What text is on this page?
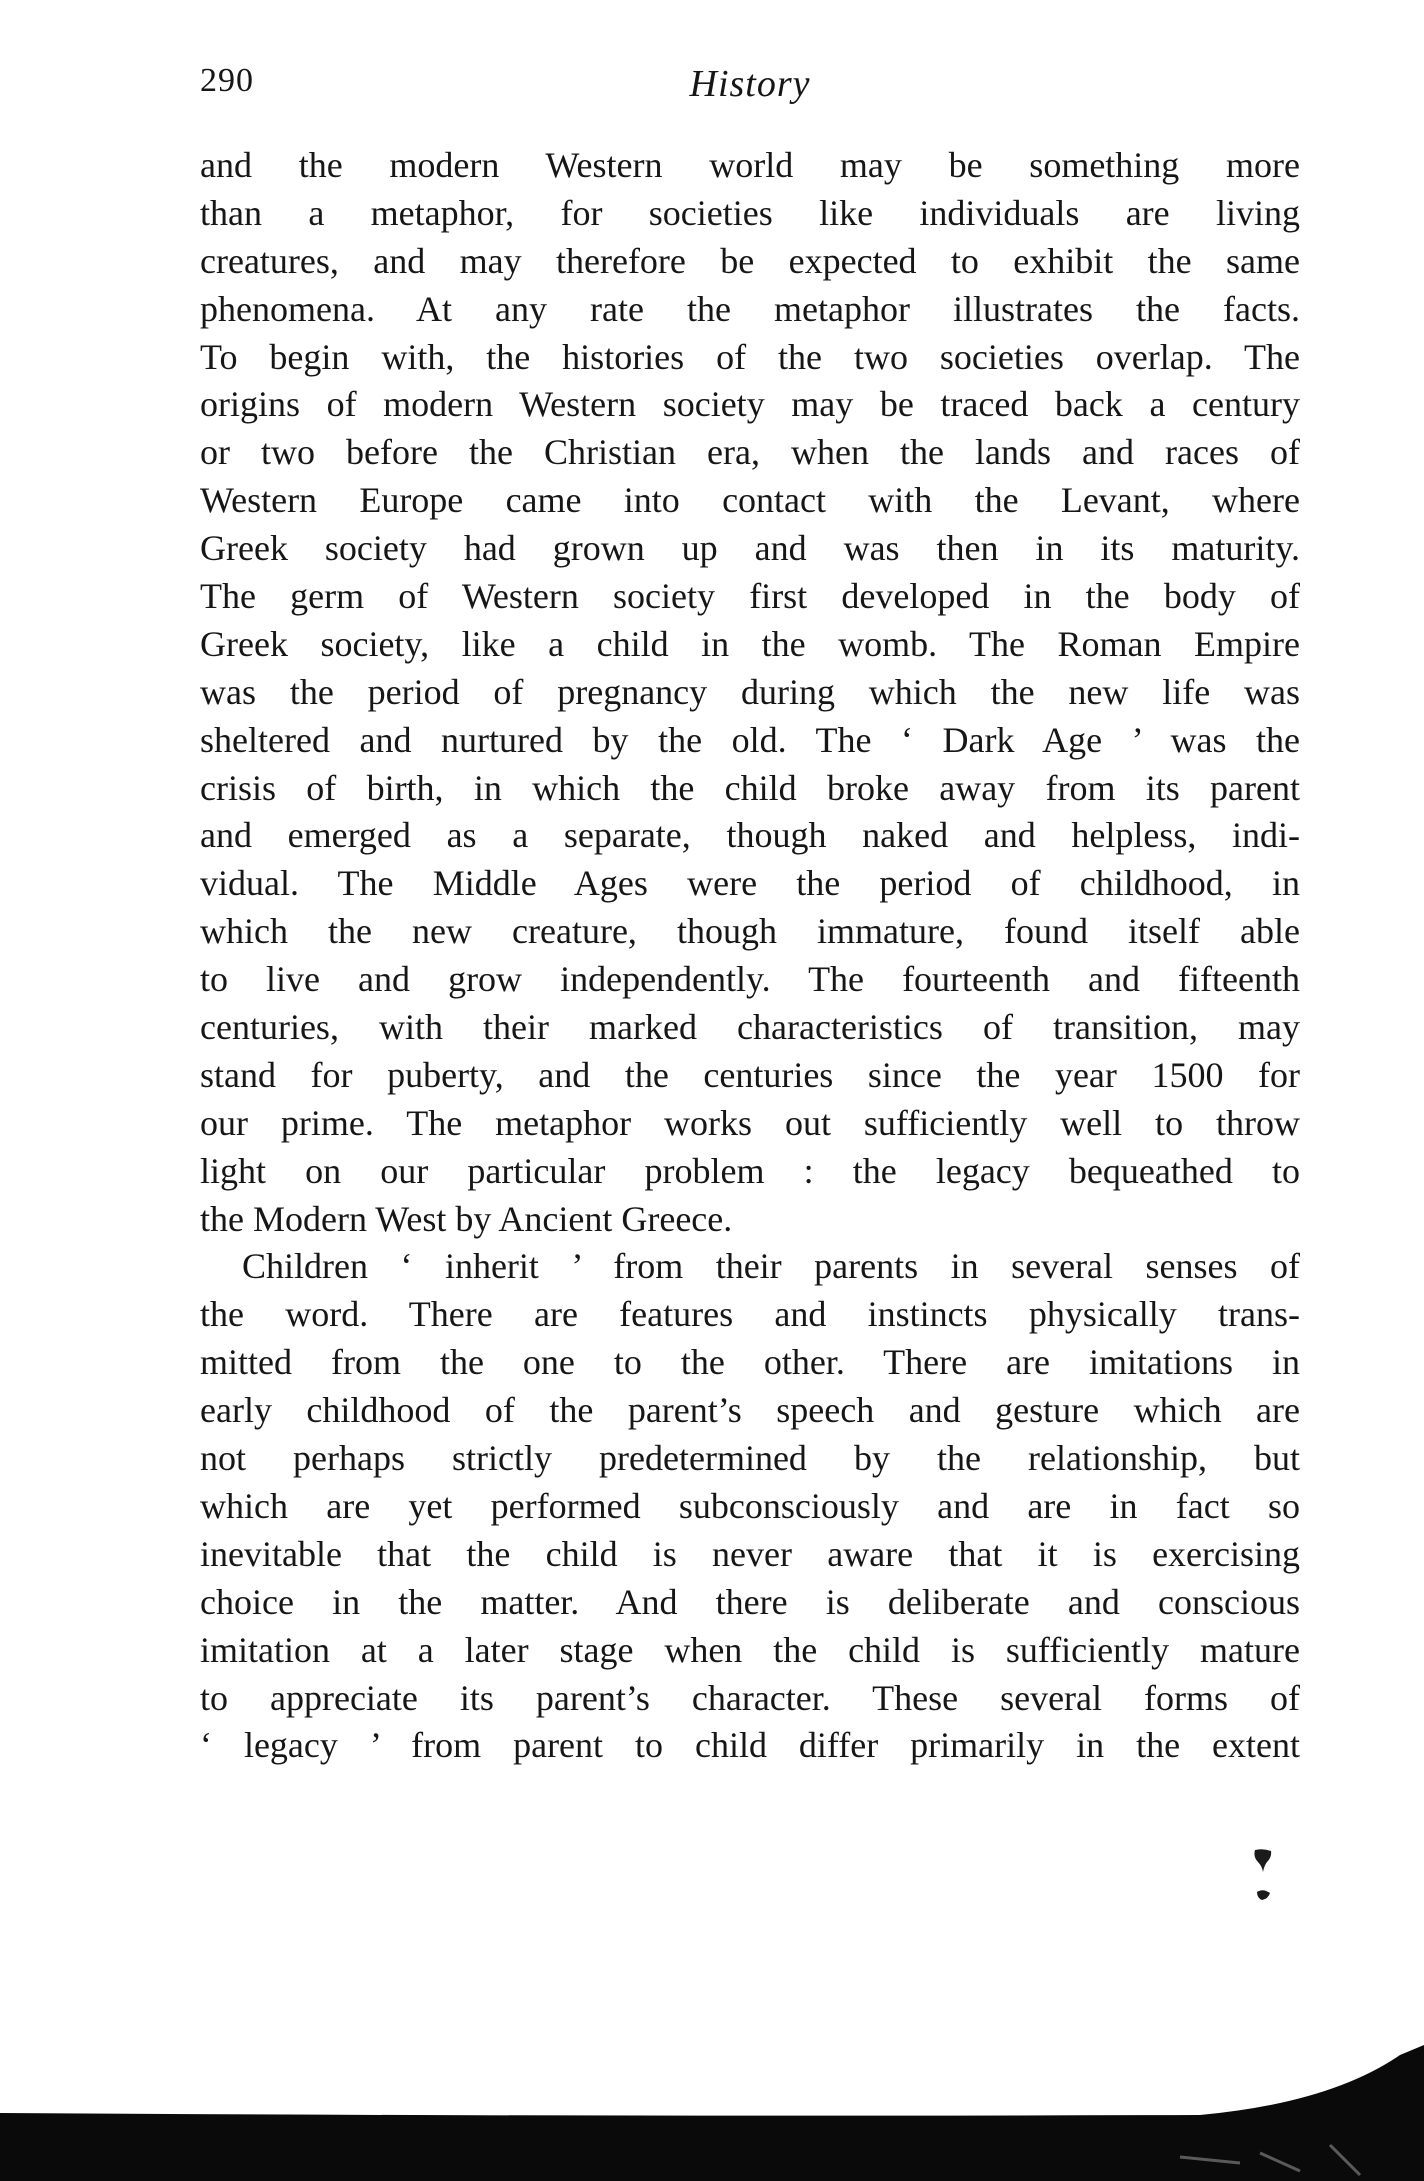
290	History
and the modern Western world may be something more
than a metaphor, for societies like individuals are living
creatures, and may therefore be expected to exhibit the same
phenomena. At any rate the metaphor illustrates the facts.
To begin with, the histories of the two societies overlap. The
origins of modern Western society may be traced back a century
or two before the Christian era, when the lands and races of
Western Europe came into contact with the Levant, where
Greek society had grown up and was then in its maturity.
The germ of Western society first developed in the body of
Greek society, like a child in the womb. The Roman Empire
was the period of pregnancy during which the new life was
sheltered and nurtured by the old. The ‘ Dark Age ’ was the
crisis of birth, in which the child broke away from its parent
and emerged as a separate, though naked and helpless, indi-
vidual. The Middle Ages were the period of childhood, in
which the new creature, though immature, found itself able
to live and grow independently. The fourteenth and fifteenth
centuries, with their marked characteristics of transition, may
stand for puberty, and the centuries since the year 1500 for
our prime. The metaphor works out sufficiently well to throw
light on our particular problem : the legacy bequeathed to
the Modern West by Ancient Greece.
Children ‘ inherit ’ from their parents in several senses of
the word. There are features and instincts physically trans-
mitted from the one to the other. There are imitations in
early childhood of the parent’s speech and gesture which are
not perhaps strictly predetermined by the relationship, but
which are yet performed subconsciously and are in fact so
inevitable that the child is never aware that it is exercising
choice in the matter. And there is deliberate and conscious
imitation at a later stage when the child is sufficiently mature
to appreciate its parent’s character. These several forms of
‘ legacy ’ from parent to child differ primarily in the extent
